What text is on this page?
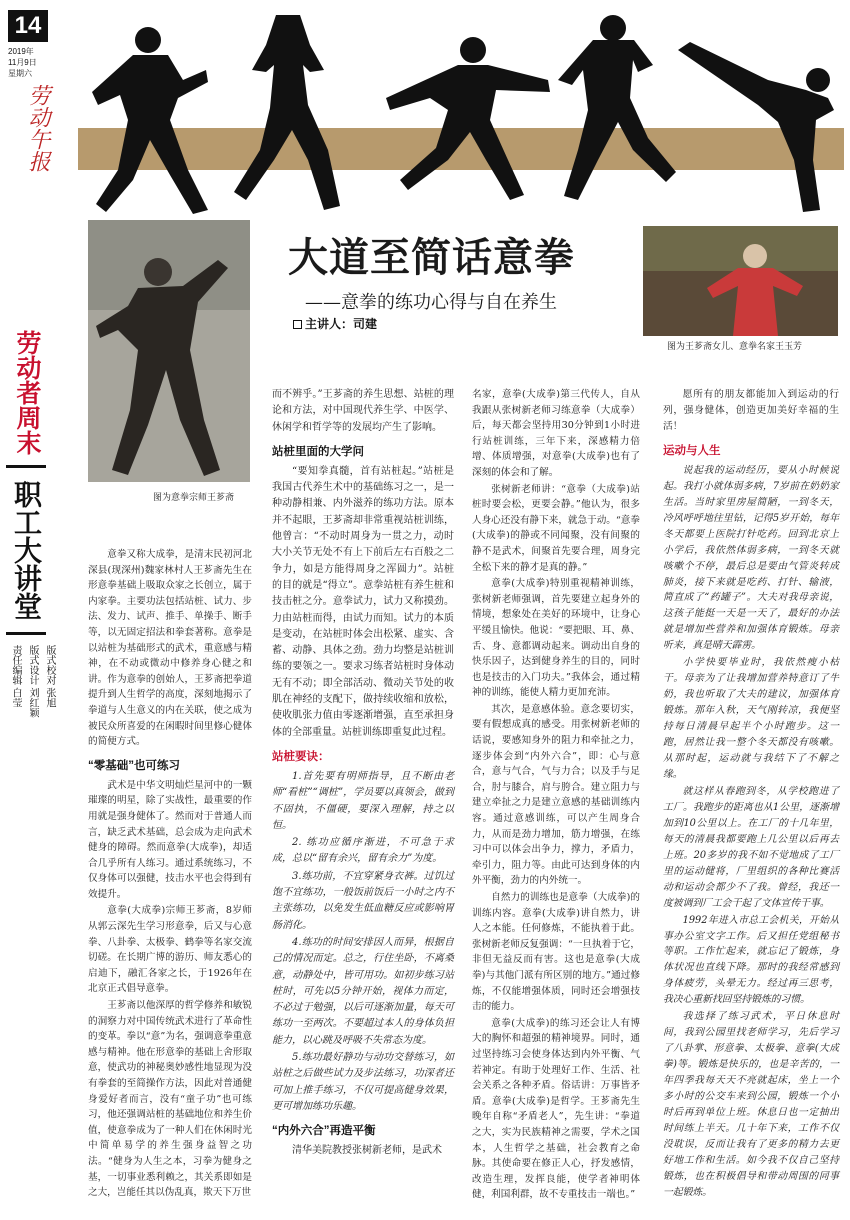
14
2019年
11月9日
星期六
劳动午报
劳动者周末
职工大讲堂
版式校对 张旭
版式设计 刘红颖
责任编辑 白莹
图为意拳宗师王芗斋
图为王芗斋女儿、意拳名家王玉芳
大道至简话意拳
——意拳的练功心得与自在养生
主讲人：司建

意拳又称大成拳，是清末民初河北深县(现深州)魏家林村人王芗斋先生在形意拳基础上吸取众家之长创立，属于内家拳。主要功法包括站桩、试力、步法、发力、试声、推手、单操手、断手等，以无固定招法和拳套著称。意拳是以站桩为基础形式的武术，重意感与精神，在不动或微动中修养身心健之和讲。作为意拳的创始人，王芗斋把拳道提升到人生哲学的高度，深刻地揭示了拳道与人生意义的内在关联，使之成为被民众所喜爱的在闲暇时间里修心健体的简便方式。

“零基础”也可练习

武术是中华文明灿烂星河中的一颗璀璨的明星，除了实战性，最重要的作用就是强身健体了。然而对于普通人而言，缺乏武术基础，总会成为走向武术健身的障碍。然而意拳(大成拳)，却适合几乎所有人练习。通过系统练习，不仅身体可以强健，技击水平也会得到有效提升。

意拳(大成拳)宗师王芗斋，8岁师从郭云深先生学习形意拳，后又与心意拳、八卦拳、太极拳、鹤拳等名家交流切磋。在长期广博的游历、师友悉心的启迪下，融汇各家之长，于1926年在北京正式倡导意拳。

王芗斋以他深厚的哲学修养和敏锐的洞察力对中国传统武术进行了革命性的变革。拳以“意”为名，强调意拳重意感与精神。他在形意拳的基础上舍形取意，使武功的神秘奥妙感性地显现为没有拳套的至简操作方法，因此对普通健身爱好者而言，没有“童子功”也可练习，他还强调站桩的基础地位和养生价值，使意拳成为了一种人们在休闲时光中简单易学的养生强身益智之功法。“健身为人生之本，习拳为健身之基，一切事业悉利赖之，其关系即如是之大，岂能任其以伪乱真，欺天下万世

而不辨乎。”王芗斋的养生思想、站桩的理论和方法，对中国现代养生学、中医学、休闲学和哲学等的发展均产生了影响。

站桩里面的大学问

“要知拳真髓，首有站桩起。”站桩是我国古代养生术中的基础练习之一，是一种动静相兼、内外滋养的练功方法。原本并不起眼，王芗斋却非常重视站桩训练，他曾言：“不动时周身为一贯之力，动时大小关节无处不有上下前后左右百般之二争力，如是方能得周身之浑圆力”。站桩的目的就是“得立”。意拳站桩有养生桩和技击桩之分。意拳试力，试力又称摸劲。力由站桩而得，由试力而知。试力的本质是变动，在站桩时体会出松紧、虚实、含蓄、动静、具体之劲。劲力均整是站桩训练的要领之一。要求习练者站桩时身体动无有不动；即全部活动、微动关节处的收肌在神经的支配下，做持续收缩和放松，使收肌张力值由零逐渐增强，直至承担身体的全部重量。站桩训练即重复此过程。

站桩要诀：

1.首先要有明师指导，且不断由老师“看桩”“调桩”，学员要以真领会，做到不固执，不僵硬，要深入理解，持之以恒。

2. 练功应循序渐进，不可急于求成，总以“留有余兴，留有余力”为度。

3.练功前，不宜穿紧身衣裤。过饥过饱不宜练功，一般饭前饭后一小时之内不主张练功，以免发生低血糖反应或影响胃肠消化。

4.练功的时间安排因人而异，根据自己的情况而定。总之，行住坐卧，不离桑意，动静处中，皆可用功。如初步练习站桩时，可先以5分钟开始，视体力而定，不必过于勉强，以后可逐渐加量，每天可练功一至两次。不要超过本人的身体负担能力，以心跳及呼吸不失常态为度。

5.练功最好静功与动功交替练习，如站桩之后做些试力及步法练习，功深者还可加上推手练习，不仅可提高健身效果，更可增加练功乐趣。

“内外六合”再造平衡

清华美院教授张树新老师，是武术

名家，意拳(大成拳)第三代传人，自从我跟从张树新老师习练意拳（大成拳）后，每天都会坚持用30分钟到1小时进行站桩训练，三年下来，深感精力倍增、体质增强，对意拳(大成拳)也有了深刻的体会和了解。

张树新老师讲：“意拳（大成拳)站桩时要会松，更要会静。”他认为，很多人身心还没有静下来，就急于动。“意拳(大成拳)的静或不同闻聚，没有间聚的静不是武术，间聚首先要合理，周身完全松下来的静才是真的静。”

意拳(大成拳)特别重视精神训练，张树新老师强调，首先要建立起身外的情境，想象处在美好的环境中，让身心平缓且愉快。他说：“要把眼、耳、鼻、舌、身、意都调动起来。调动出自身的快乐因子，达到健身养生的目的，同时也是技击的入门功夫。”我体会，通过精神的训练，能使人精力更加充沛。

其次，是意感体验。意念要切实，要有假想成真的感受。用张树新老师的话说，要感知身外的阻力和牵扯之力，逐步体会到“内外六合”，即：心与意合，意与气合，气与力合；以及手与足合，肘与膝合，肩与胯合。建立阻力与建立牵扯之力是建立意感的基础训练内容。通过意感训练，可以产生周身合力，从而是劲力增加，筋力增强，在练习中可以体会出争力，撑力，矛盾力，牵引力，阻力等。由此可达到身体的内外平衡，劲力的内外统一。

自然力的训练也是意拳（大成拳)的训练内容。意拳(大成拳)讲自然力，讲人之本能。任何修炼，不能执着于此。张树新老师反复强调：“一旦执着于它，非但无益反而有害。这也是意拳(大成拳)与其他门派有所区别的地方。”通过修炼，不仅能增强体质，同时还会增强技击的能力。

意拳(大成拳)的练习还会让人有博大的胸怀和超强的精神境界。同时，通过坚持练习会使身体达到内外平衡、气若神定。有助于处理好工作、生活、社会关系之各种矛盾。俗话讲：万事皆矛盾。意拳(大成拳)是哲学。王芗斋先生晚年自称“矛盾老人”，先生讲：“拳道之大，实为民族精神之需要，学术之国本，人生哲学之基础，社会教育之命脉。其使命要在修正人心，抒发感情，改造生理，发挥良能，使学者神明体健，利国利群，故不专重技击一端也。”

愿所有的朋友都能加入到运动的行列，强身健体，创造更加美好幸福的生活！

运动与人生

说起我的运动经历，要从小时候说起。我打小就体弱多病，7岁前在奶奶家生活。当时家里房屋简陋，一到冬天，冷风呼呼地往里钻，记得5岁开始，每年冬天都要上医院打针吃药。回到北京上小学后，我依然体弱多病，一到冬天就咳嗽个不停，最后总是要由气管炎转成肺炎，接下来就是吃药、打针、输液，简直成了“药罐子”。大夫对我母亲说，这孩子能挺一天是一天了，最好的办法就是增加些营养和加强体育锻炼。母亲听来，真是晴天霹雳。

小学快要毕业时，我依然瘦小枯干。母亲为了让我增加营养特意订了牛奶，我也听取了大夫的建议，加强体育锻炼。那年入秋，天气刚转凉，我便坚持每日清晨早起半个小时跑步。这一跑，居然让我一整个冬天都没有咳嗽。从那时起，运动就与我结下了不解之缘。

就这样从春跑到冬，从学校跑进了工厂。我跑步的距离也从1公里，逐渐增加到10公里以上。在工厂的十几年里，每天的清晨我都要跑上几公里以后再去上班。20多岁的我不如不觉地成了工厂里的运动健将，厂里组织的各种比赛活动和运动会都少不了我。曾经，我还一度被调到厂工会干起了文体宣传干事。

1992年进入市总工会机关，开始从事办公室文字工作。后又担任党组秘书等职。工作忙起来，就忘记了锻炼，身体状况也直线下降。那时的我经常感到身体疲劳，头晕无力。经过再三思考，我决心重新找回坚持锻炼的习惯。

我选择了练习武术，平日休息时间，我到公园里找老师学习，先后学习了八卦掌、形意拳、太极拳、意拳(大成拳)等。锻炼是快乐的，也是辛苦的，一年四季我每天天不亮就起床，坐上一个多小时的公交车来到公园，锻炼一个小时后再到单位上班。休息日也一定抽出时间练上半天。几十年下来，工作不仅没耽误，反而让我有了更多的精力去更好地工作和生活。如今我不仅自己坚持锻炼，也在积极倡导和带动周围的同事一起锻炼。
